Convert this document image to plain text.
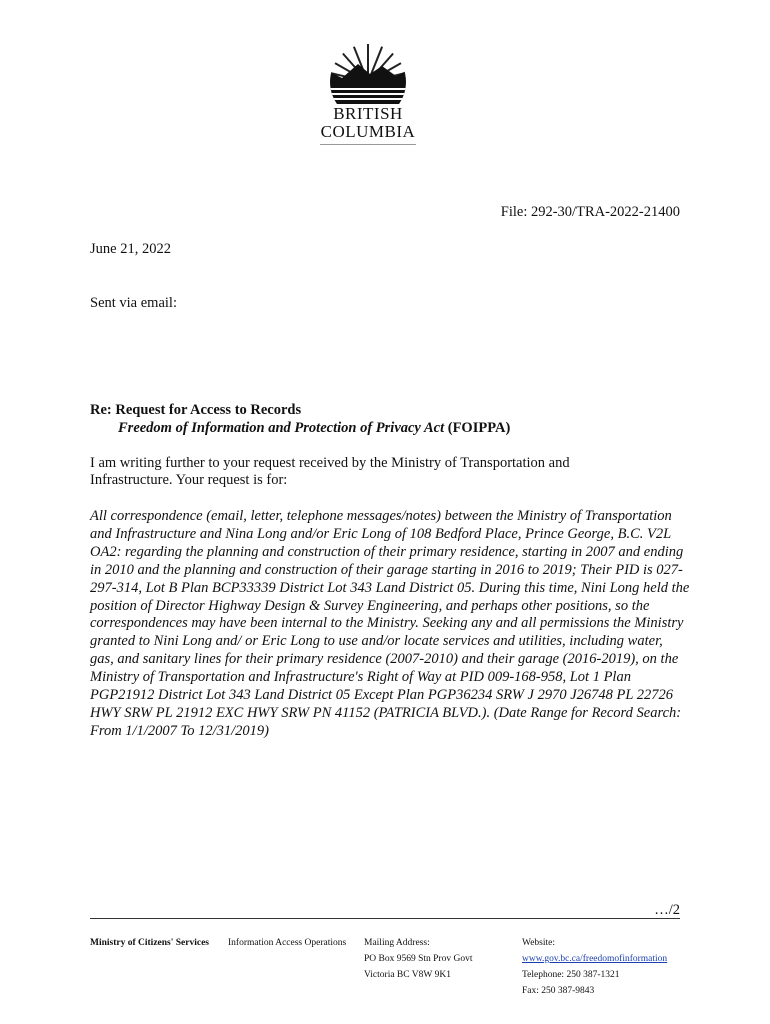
BRITISH
COLUMBIA
File: 292-30/TRA-2022-21400
June 21, 2022
Sent via email:
Re: Request for Access to Records
Freedom of Information and Protection of Privacy Act (FOIPPA)
I am writing further to your request received by the Ministry of Transportation and Infrastructure. Your request is for:
All correspondence (email, letter, telephone messages/notes) between the Ministry of Transportation and Infrastructure and Nina Long and/or Eric Long of 108 Bedford Place, Prince George, B.C. V2L OA2: regarding the planning and construction of their primary residence, starting in 2007 and ending in 2010 and the planning and construction of their garage starting in 2016 to 2019; Their PID is 027-297-314, Lot B Plan BCP33339 District Lot 343 Land District 05. During this time, Nini Long held the position of Director Highway Design & Survey Engineering, and perhaps other positions, so the correspondences may have been internal to the Ministry. Seeking any and all permissions the Ministry granted to Nini Long and/ or Eric Long to use and/or locate services and utilities, including water, gas, and sanitary lines for their primary residence (2007-2010) and their garage (2016-2019), on the Ministry of Transportation and Infrastructure's Right of Way at PID 009-168-958, Lot 1 Plan PGP21912 District Lot 343 Land District 05 Except Plan PGP36234 SRW J 2970 J26748 PL 22726 HWY SRW PL 21912 EXC HWY SRW PN 41152 (PATRICIA BLVD.). (Date Range for Record Search: From 1/1/2007 To 12/31/2019)
…/2
Ministry of Citizens' Services Information Access Operations Mailing Address:
PO Box 9569 Stn Prov Govt
Victoria BC V8W 9K1
Website:
www.gov.bc.ca/freedomofinformation
Telephone: 250 387-1321
Fax: 250 387-9843
